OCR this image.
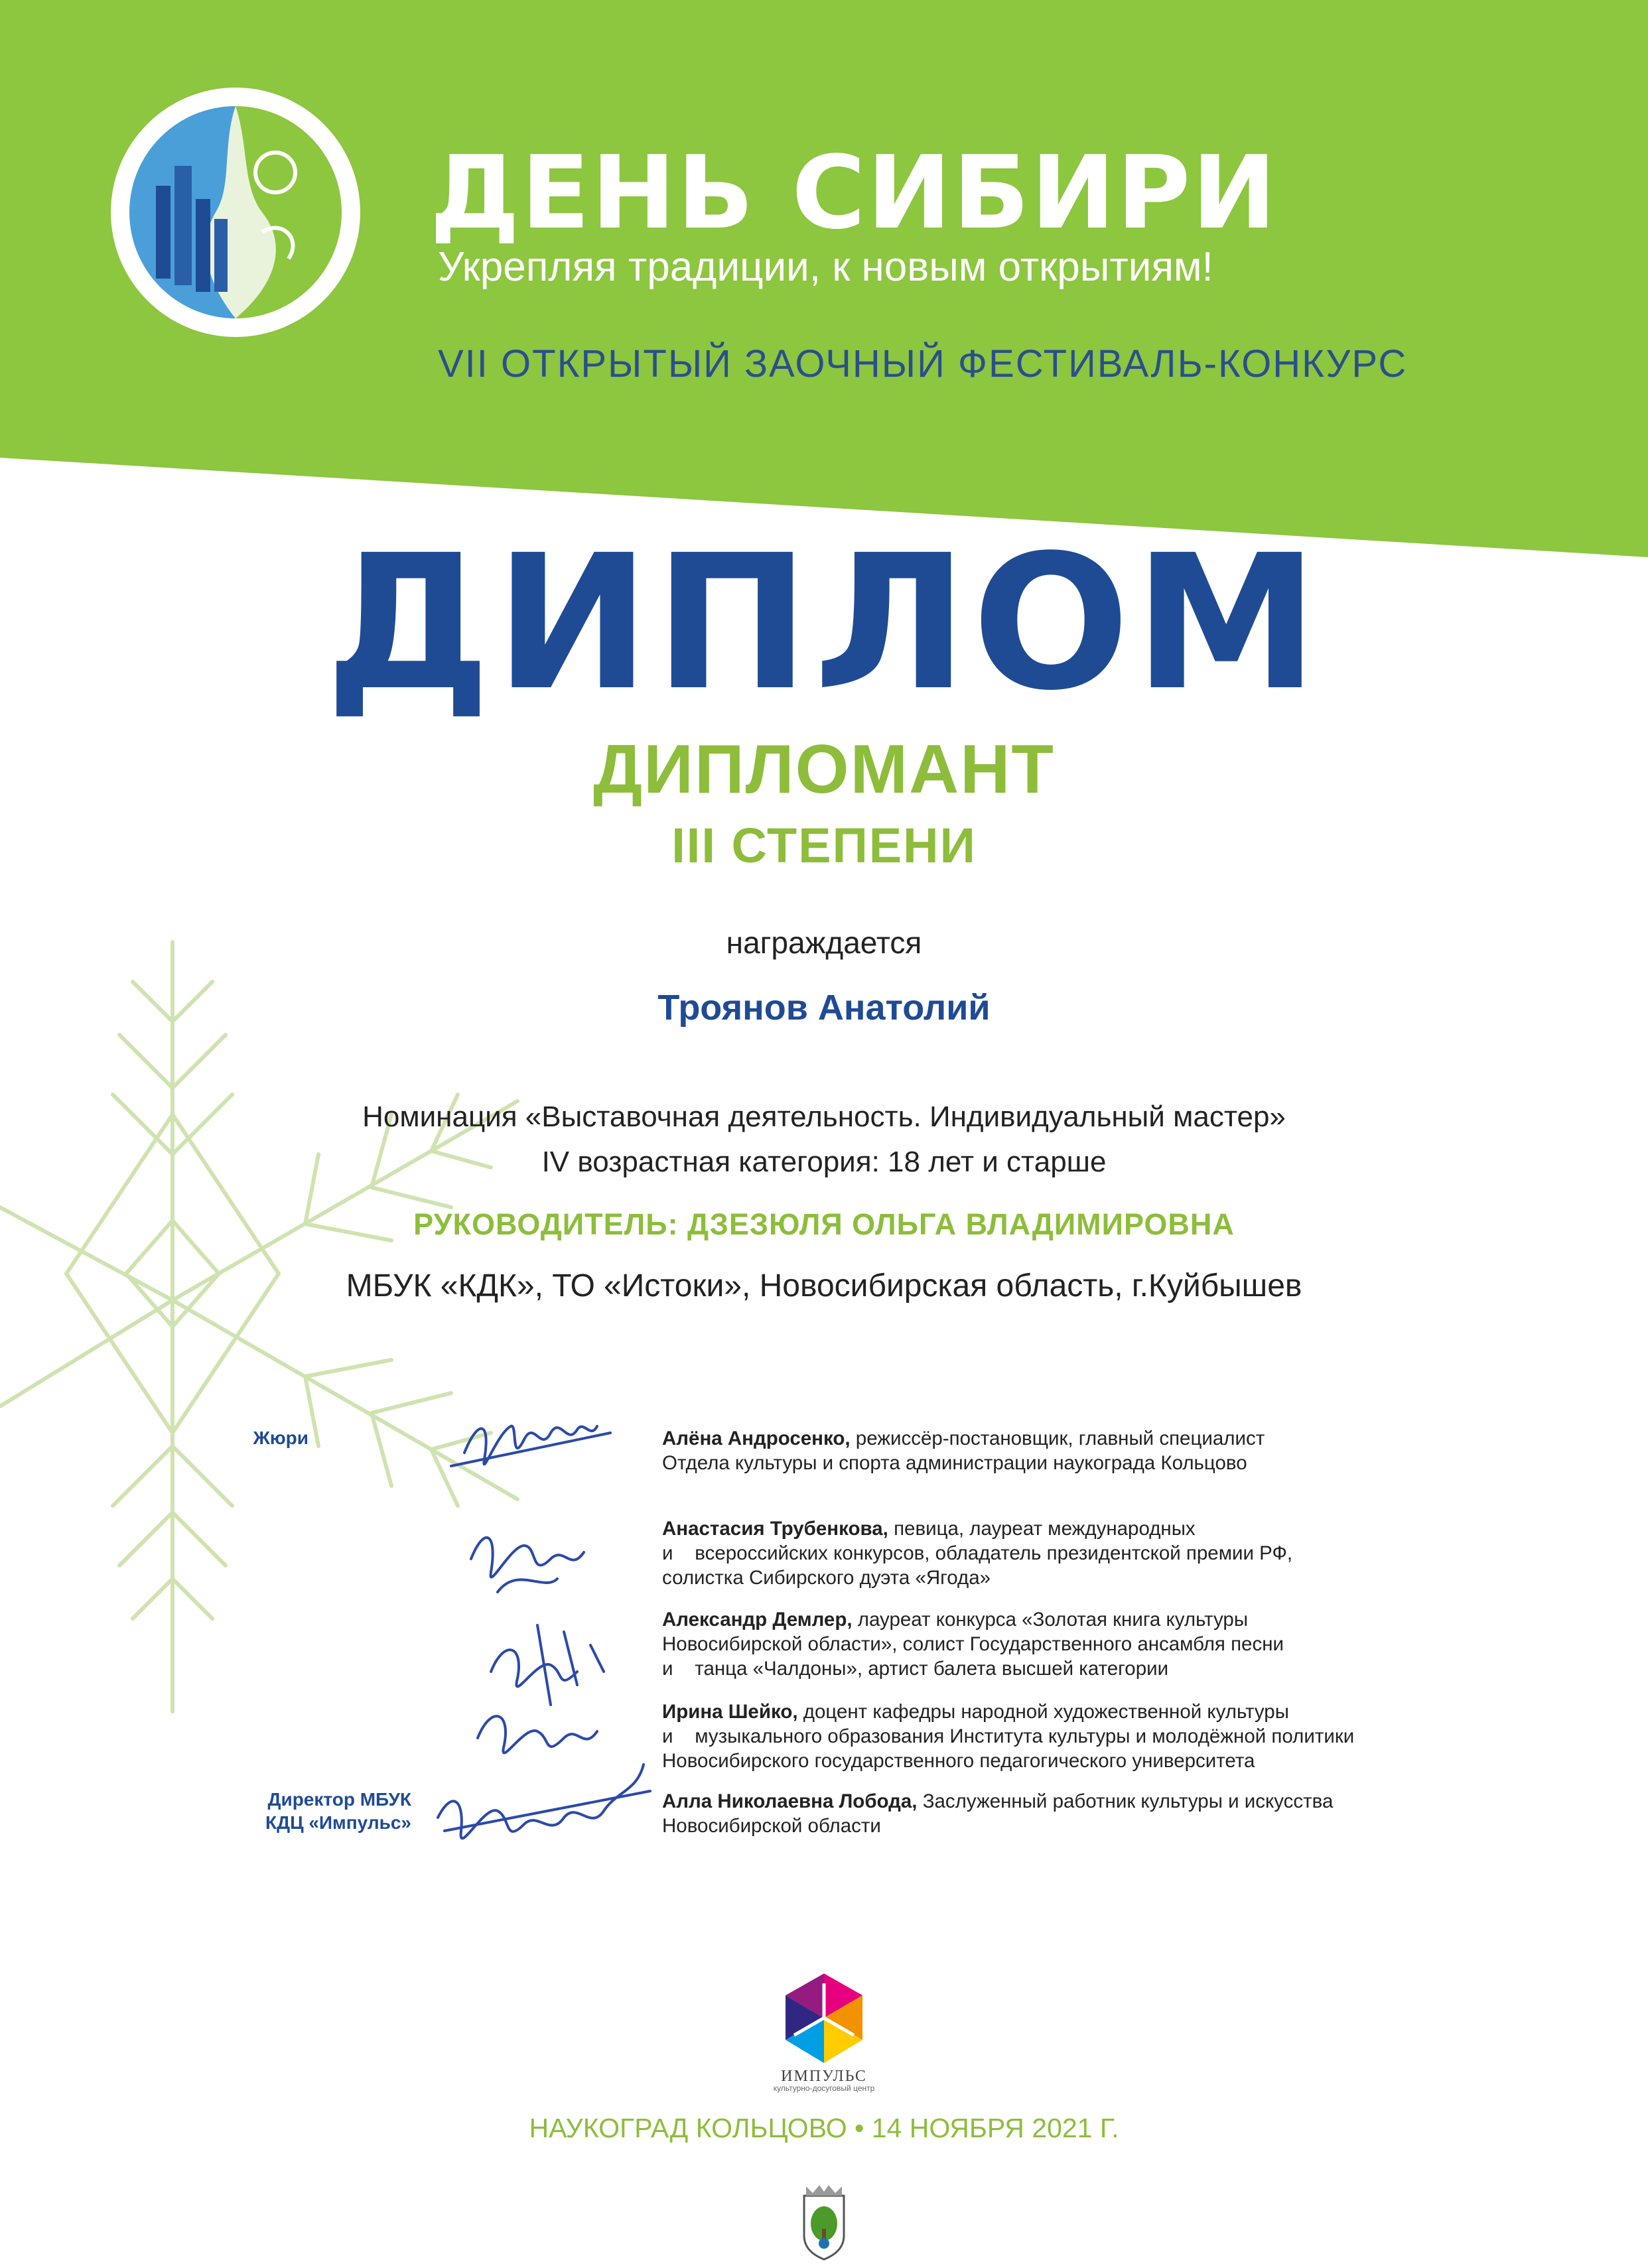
ДЕНЬ СИБИРИ
Укрепляя традиции, к новым открытиям!
VII ОТКРЫТЫЙ ЗАОЧНЫЙ ФЕСТИВАЛЬ-КОНКУРС
ДИПЛОМ
ДИПЛОМАНТ
III СТЕПЕНИ
награждается
Троянов Анатолий
Номинация «Выставочная деятельность. Индивидуальный мастер»
IV возрастная категория: 18 лет и старше
РУКОВОДИТЕЛЬ: ДЗЕЗЮЛЯ ОЛЬГА ВЛАДИМИРОВНА
МБУК «КДК», ТО «Истоки», Новосибирская область, г.Куйбышев
Жюри	Алёна Андросенко, режиссёр-постановщик, главный специалист
Отдела культуры и спорта администрации наукограда Кольцово
Анастасия Трубенкова, певица, лауреат международных
и    всероссийских конкурсов, обладатель президентской премии РФ,
солистка Сибирского дуэта «Ягода»
Александр Демлер, лауреат конкурса «Золотая книга культуры
Новосибирской области», солист Государственного ансамбля песни
и    танца «Чалдоны», артист балета высшей категории
Ирина Шейко, доцент кафедры народной художественной культуры
и    музыкального образования Института культуры и молодёжной политики
Новосибирского государственного педагогического университета
Директор МБУК
КДЦ «Импульс»
Алла Николаевна Лобода, Заслуженный работник культуры и искусства
Новосибирской области
ИМПУЛЬС
культурно-досуговый центр
НАУКОГРАД КОЛЬЦОВО • 14 НОЯБРЯ 2021 Г.
